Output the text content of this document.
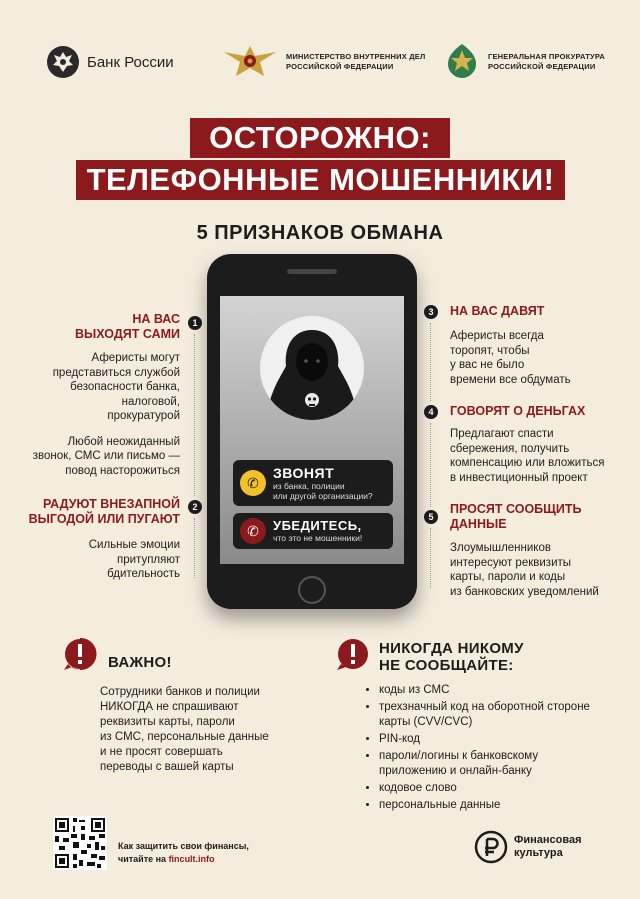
Банк России	МИНИСТЕРСТВО ВНУТРЕННИХ ДЕЛ
РОССИЙСКОЙ ФЕДЕРАЦИИ
ГЕНЕРАЛЬНАЯ ПРОКУРАТУРА
РОССИЙСКОЙ ФЕДЕРАЦИИ
ОСТОРОЖНО:
ТЕЛЕФОННЫЕ МОШЕННИКИ!
5 ПРИЗНАКОВ ОБМАНА
НА ВАС
ВЫХОДЯТ САМИ
Аферисты могут
представиться службой
безопасности банка,
налоговой,
прокуратурой
Любой неожиданный
звонок, СМС или письмо —
повод насторожиться
1
РАДУЮТ ВНЕЗАПНОЙ
ВЫГОДОЙ ИЛИ ПУГАЮТ
Сильные эмоции
притупляют
бдительность
2
3	НА ВАС ДАВЯТ
Аферисты всегда
торопят, чтобы
у вас не было
времени все обдумать
4	ГОВОРЯТ О ДЕНЬГАХ
Предлагают спасти
сбережения, получить
компенсацию или вложиться
в инвестиционный проект
5
ПРОСЯТ СООБЩИТЬ
ДАННЫЕ
Злоумышленников
интересуют реквизиты
карты, пароли и коды
из банковских уведомлений
✆
ЗВОНЯТ
из банка, полиции
или другой организации?
✆	УБЕДИТЕСЬ,
что это не мошенники!
ВАЖНО!
Сотрудники банков и полиции
НИКОГДА не спрашивают
реквизиты карты, пароли
из СМС, персональные данные
и не просят совершать
переводы с вашей карты
НИКОГДА НИКОМУ
НЕ СООБЩАЙТЕ:
• коды из СМС
• трехзначный код на оборотной стороне карты (CVV/CVC)
• PIN-код
• пароли/логины к банковскому приложению и онлайн-банку
• кодовое слово
• персональные данные
Как защитить свои финансы,
читайте на fincult.info
Финансовая
культура
